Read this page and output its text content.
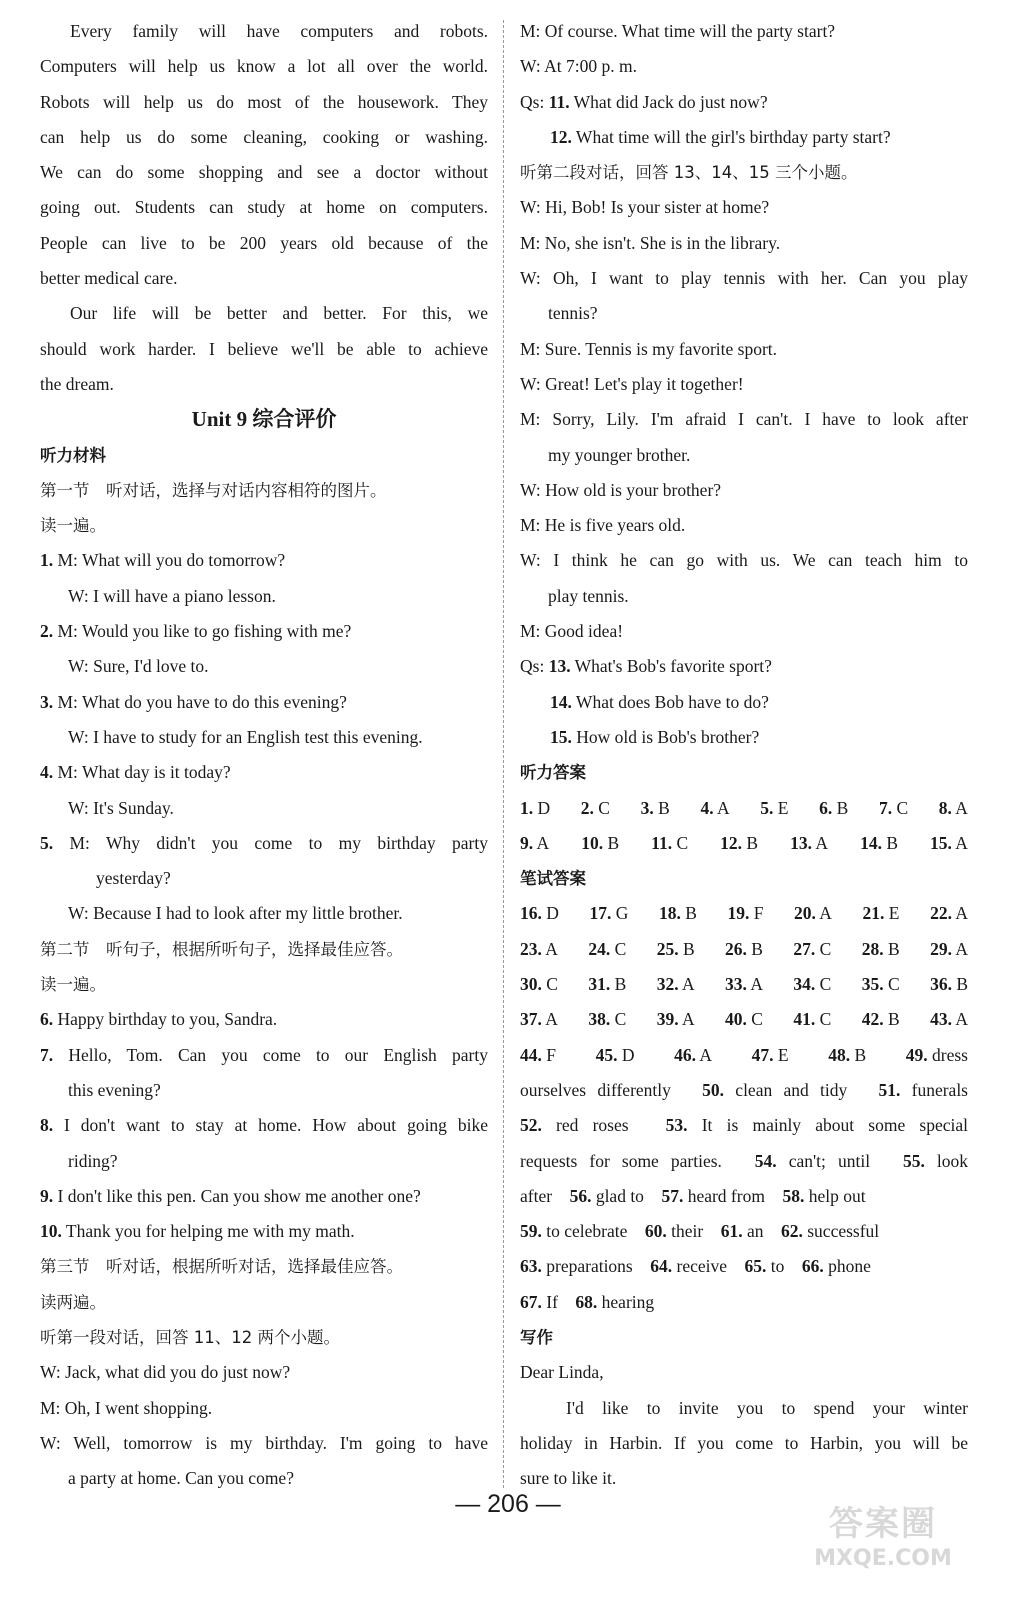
Every family will have computers and robots.
Computers will help us know a lot all over the world.
Robots will help us do most of the housework. They
can help us do some cleaning, cooking or washing.
We can do some shopping and see a doctor without
going out. Students can study at home on computers.
People can live to be 200 years old because of the
better medical care.
Our life will be better and better. For this, we
should work harder. I believe we'll be able to achieve
the dream.
Unit 9 综合评价
听力材料
第一节　听对话，选择与对话内容相符的图片。
读一遍。
1. M: What will you do tomorrow?
W: I will have a piano lesson.
2. M: Would you like to go fishing with me?
W: Sure, I'd love to.
3. M: What do you have to do this evening?
W: I have to study for an English test this evening.
4. M: What day is it today?
W: It's Sunday.
5. M: Why didn't you come to my birthday party
yesterday?
W: Because I had to look after my little brother.
第二节　听句子，根据所听句子，选择最佳应答。
读一遍。
6. Happy birthday to you, Sandra.
7. Hello, Tom. Can you come to our English party
this evening?
8. I don't want to stay at home. How about going bike
riding?
9. I don't like this pen. Can you show me another one?
10. Thank you for helping me with my math.
第三节　听对话，根据所听对话，选择最佳应答。
读两遍。
听第一段对话，回答 11、12 两个小题。
W: Jack, what did you do just now?
M: Oh, I went shopping.
W: Well, tomorrow is my birthday. I'm going to have
a party at home. Can you come?
M: Of course. What time will the party start?
W: At 7:00 p. m.
Qs: 11. What did Jack do just now?
12. What time will the girl's birthday party start?
听第二段对话，回答 13、14、15 三个小题。
W: Hi, Bob! Is your sister at home?
M: No, she isn't. She is in the library.
W: Oh, I want to play tennis with her. Can you play
tennis?
M: Sure. Tennis is my favorite sport.
W: Great! Let's play it together!
M: Sorry, Lily. I'm afraid I can't. I have to look after
my younger brother.
W: How old is your brother?
M: He is five years old.
W: I think he can go with us. We can teach him to
play tennis.
M: Good idea!
Qs: 13. What's Bob's favorite sport?
14. What does Bob have to do?
15. How old is Bob's brother?
听力答案
1. D 2. C 3. B 4. A 5. E 6. B 7. C 8. A
9. A 10. B 11. C 12. B 13. A 14. B 15. A
笔试答案
16. D 17. G 18. B 19. F 20. A 21. E 22. A
23. A 24. C 25. B 26. B 27. C 28. B 29. A
30. C 31. B 32. A 33. A 34. C 35. C 36. B
37. A 38. C 39. A 40. C 41. C 42. B 43. A
44. F 45. D 46. A 47. E 48. B 49. dress
ourselves differently　50. clean and tidy　51. funerals
52. red roses　53. It is mainly about some special
requests for some parties.　54. can't; until　55. look
after　56. glad to　57. heard from　58. help out
59. to celebrate　60. their　61. an　62. successful
63. preparations　64. receive　65. to　66. phone
67. If　68. hearing
写作
Dear Linda,
I'd like to invite you to spend your winter
holiday in Harbin. If you come to Harbin, you will be
sure to like it.
— 206 —	答案圈
MXQE.COM
